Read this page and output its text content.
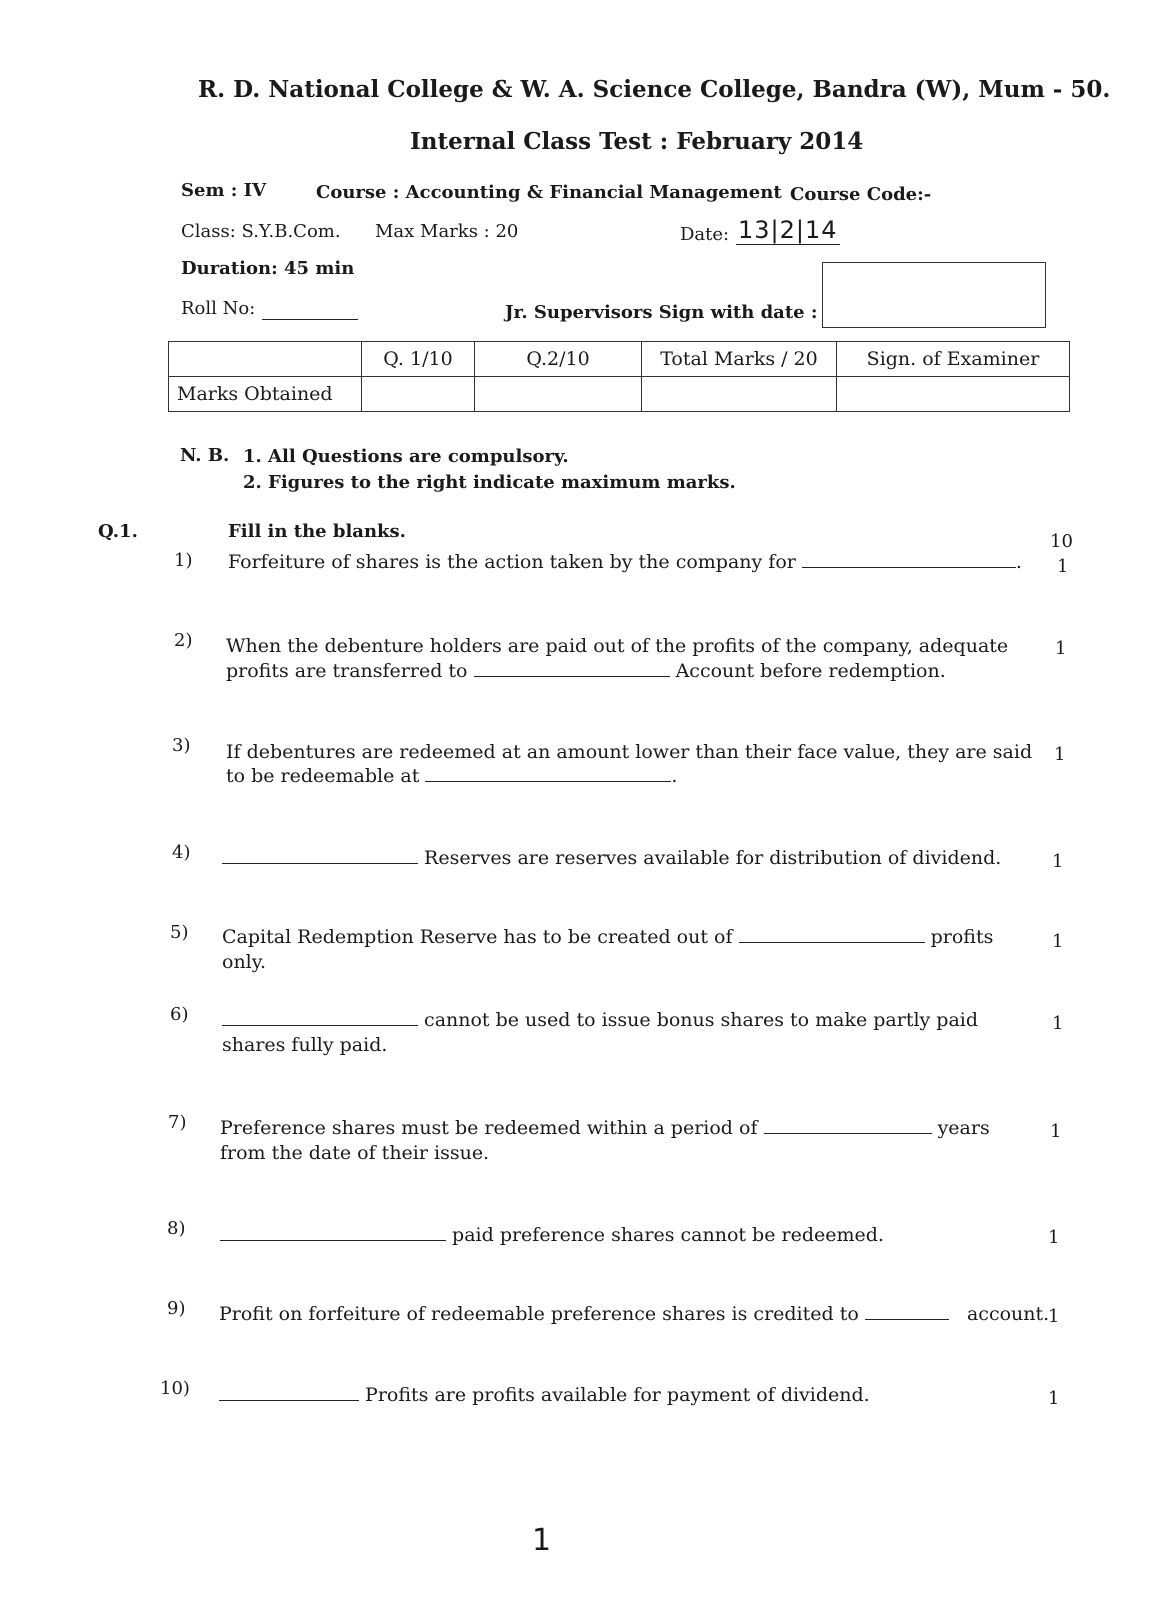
R. D. National College & W. A. Science College, Bandra (W), Mum - 50.
Internal Class Test : February 2014
Sem : IV	Course : Accounting & Financial Management Course Code:-
Class: S.Y.B.Com. Max Marks : 20	Date: 13|2|14
Duration: 45 min
Roll No:	Jr. Supervisors Sign with date :
	Q. 1/10	Q.2/10	Total Marks / 20	Sign. of Examiner
Marks Obtained				
N. B. 1. All Questions are compulsory.
2. Figures to the right indicate maximum marks.
Q.1.	Fill in the blanks.	10
1) Forfeiture of shares is the action taken by the company for	. 1
2) When the debenture holders are paid out of the profits of the company, adequate
profits are transferred to	Account before redemption.
1
3) If debentures are redeemed at an amount lower than their face value, they are said
to be redeemable at	.
1
4)	Reserves are reserves available for distribution of dividend.	1
5) Capital Redemption Reserve has to be created out of	profits
only.
1
6)	cannot be used to issue bonus shares to make partly paid
shares fully paid.
1
7) Preference shares must be redeemed within a period of	years
from the date of their issue.
1
8)	paid preference shares cannot be redeemed.	1
9) Profit on forfeiture of redeemable preference shares is credited to	account.
1
10)	Profits are profits available for payment of dividend.	1
1
